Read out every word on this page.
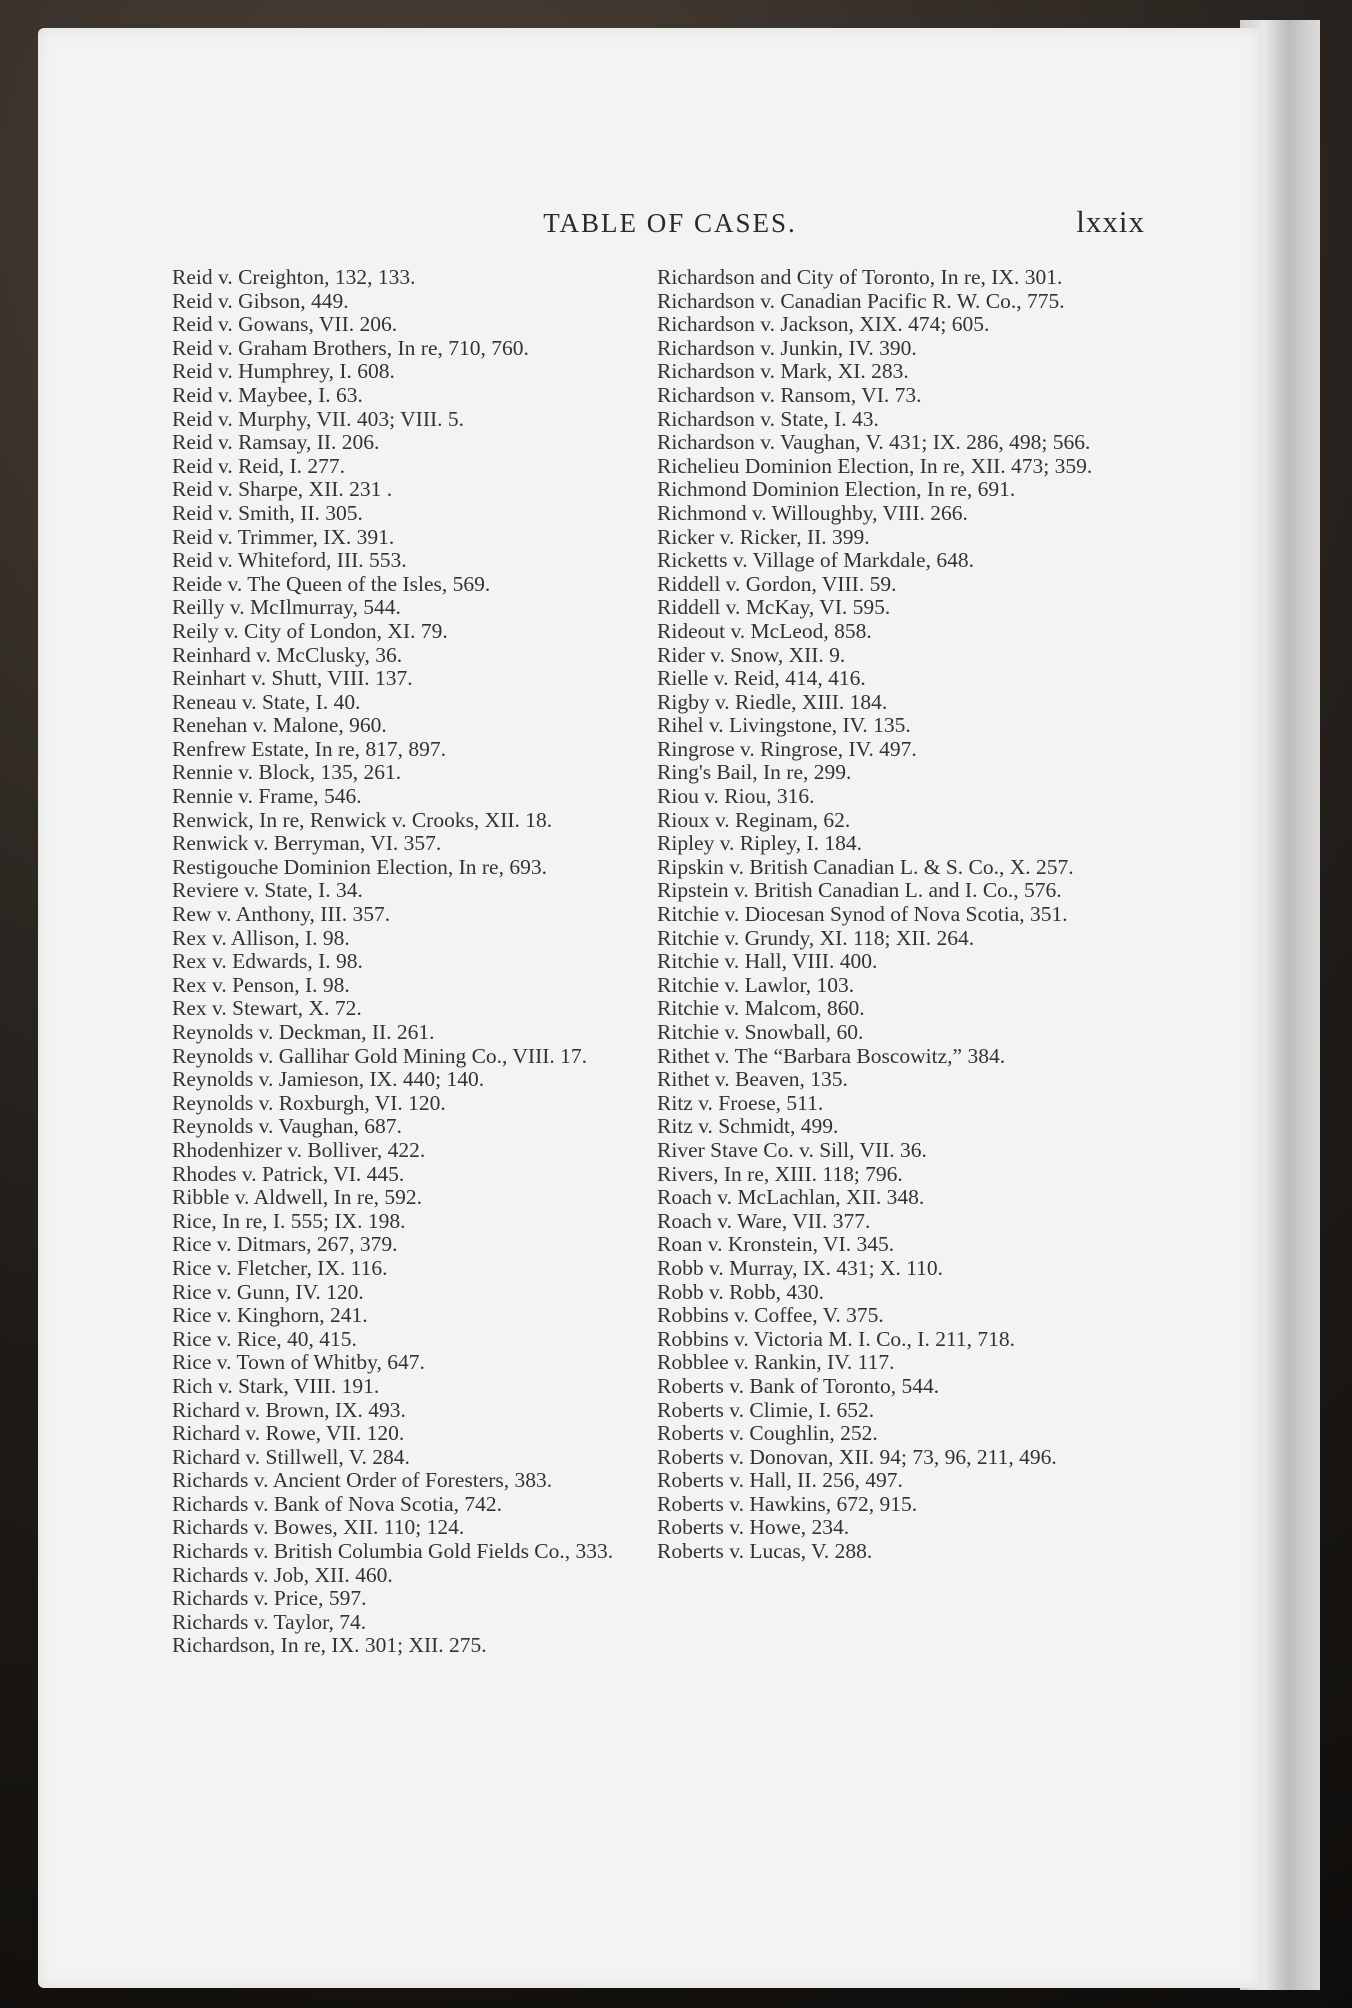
TABLE OF CASES.	lxxix
Reid v. Creighton, 132, 133.
Reid v. Gibson, 449.
Reid v. Gowans, VII. 206.
Reid v. Graham Brothers, In re, 710, 760.
Reid v. Humphrey, I. 608.
Reid v. Maybee, I. 63.
Reid v. Murphy, VII. 403; VIII. 5.
Reid v. Ramsay, II. 206.
Reid v. Reid, I. 277.
Reid v. Sharpe, XII. 231 .
Reid v. Smith, II. 305.
Reid v. Trimmer, IX. 391.
Reid v. Whiteford, III. 553.
Reide v. The Queen of the Isles, 569.
Reilly v. McIlmurray, 544.
Reily v. City of London, XI. 79.
Reinhard v. McClusky, 36.
Reinhart v. Shutt, VIII. 137.
Reneau v. State, I. 40.
Renehan v. Malone, 960.
Renfrew Estate, In re, 817, 897.
Rennie v. Block, 135, 261.
Rennie v. Frame, 546.
Renwick, In re, Renwick v. Crooks, XII. 18.
Renwick v. Berryman, VI. 357.
Restigouche Dominion Election, In re, 693.
Reviere v. State, I. 34.
Rew v. Anthony, III. 357.
Rex v. Allison, I. 98.
Rex v. Edwards, I. 98.
Rex v. Penson, I. 98.
Rex v. Stewart, X. 72.
Reynolds v. Deckman, II. 261.
Reynolds v. Gallihar Gold Mining Co., VIII. 17.
Reynolds v. Jamieson, IX. 440; 140.
Reynolds v. Roxburgh, VI. 120.
Reynolds v. Vaughan, 687.
Rhodenhizer v. Bolliver, 422.
Rhodes v. Patrick, VI. 445.
Ribble v. Aldwell, In re, 592.
Rice, In re, I. 555; IX. 198.
Rice v. Ditmars, 267, 379.
Rice v. Fletcher, IX. 116.
Rice v. Gunn, IV. 120.
Rice v. Kinghorn, 241.
Rice v. Rice, 40, 415.
Rice v. Town of Whitby, 647.
Rich v. Stark, VIII. 191.
Richard v. Brown, IX. 493.
Richard v. Rowe, VII. 120.
Richard v. Stillwell, V. 284.
Richards v. Ancient Order of Foresters, 383.
Richards v. Bank of Nova Scotia, 742.
Richards v. Bowes, XII. 110; 124.
Richards v. British Columbia Gold Fields Co., 333.
Richards v. Job, XII. 460.
Richards v. Price, 597.
Richards v. Taylor, 74.
Richardson, In re, IX. 301; XII. 275.
Richardson and City of Toronto, In re, IX. 301.
Richardson v. Canadian Pacific R. W. Co., 775.
Richardson v. Jackson, XIX. 474; 605.
Richardson v. Junkin, IV. 390.
Richardson v. Mark, XI. 283.
Richardson v. Ransom, VI. 73.
Richardson v. State, I. 43.
Richardson v. Vaughan, V. 431; IX. 286, 498; 566.
Richelieu Dominion Election, In re, XII. 473; 359.
Richmond Dominion Election, In re, 691.
Richmond v. Willoughby, VIII. 266.
Ricker v. Ricker, II. 399.
Ricketts v. Village of Markdale, 648.
Riddell v. Gordon, VIII. 59.
Riddell v. McKay, VI. 595.
Rideout v. McLeod, 858.
Rider v. Snow, XII. 9.
Rielle v. Reid, 414, 416.
Rigby v. Riedle, XIII. 184.
Rihel v. Livingstone, IV. 135.
Ringrose v. Ringrose, IV. 497.
Ring's Bail, In re, 299.
Riou v. Riou, 316.
Rioux v. Reginam, 62.
Ripley v. Ripley, I. 184.
Ripskin v. British Canadian L. & S. Co., X. 257.
Ripstein v. British Canadian L. and I. Co., 576.
Ritchie v. Diocesan Synod of Nova Scotia, 351.
Ritchie v. Grundy, XI. 118; XII. 264.
Ritchie v. Hall, VIII. 400.
Ritchie v. Lawlor, 103.
Ritchie v. Malcom, 860.
Ritchie v. Snowball, 60.
Rithet v. The “Barbara Boscowitz,” 384.
Rithet v. Beaven, 135.
Ritz v. Froese, 511.
Ritz v. Schmidt, 499.
River Stave Co. v. Sill, VII. 36.
Rivers, In re, XIII. 118; 796.
Roach v. McLachlan, XII. 348.
Roach v. Ware, VII. 377.
Roan v. Kronstein, VI. 345.
Robb v. Murray, IX. 431; X. 110.
Robb v. Robb, 430.
Robbins v. Coffee, V. 375.
Robbins v. Victoria M. I. Co., I. 211, 718.
Robblee v. Rankin, IV. 117.
Roberts v. Bank of Toronto, 544.
Roberts v. Climie, I. 652.
Roberts v. Coughlin, 252.
Roberts v. Donovan, XII. 94; 73, 96, 211, 496.
Roberts v. Hall, II. 256, 497.
Roberts v. Hawkins, 672, 915.
Roberts v. Howe, 234.
Roberts v. Lucas, V. 288.
